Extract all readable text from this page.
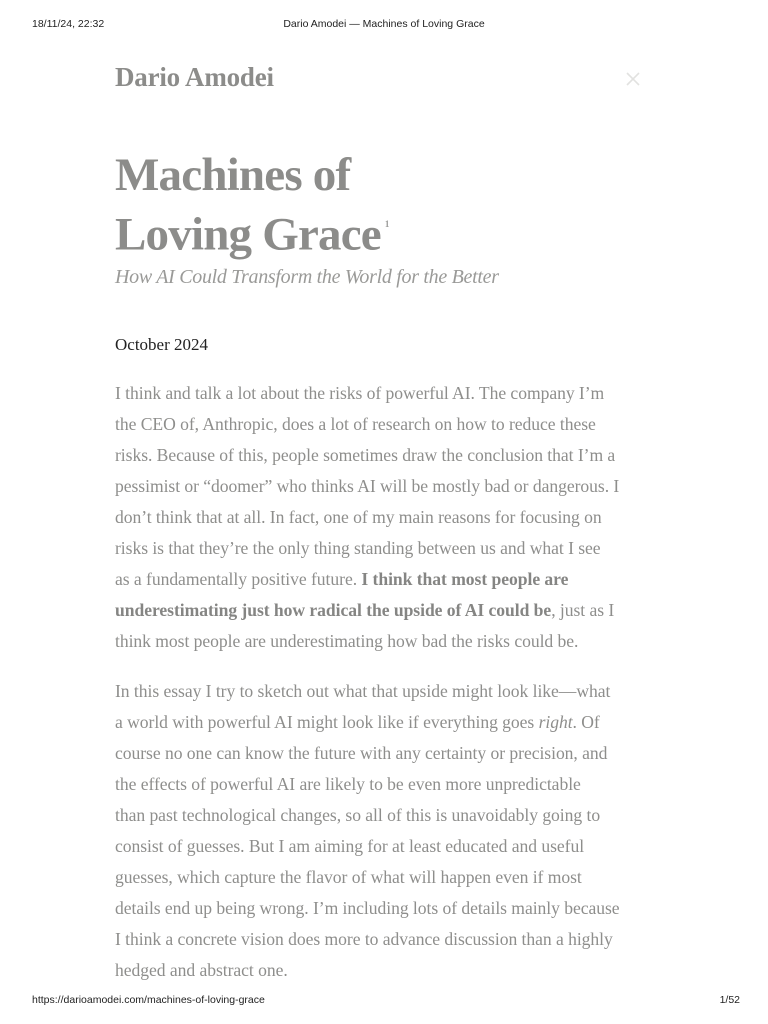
18/11/24, 22:32	Dario Amodei — Machines of Loving Grace
Dario Amodei
Machines of
Loving Grace $^1$
How AI Could Transform the World for the Better
October 2024

I think and talk a lot about the risks of powerful AI. The company I’m
the CEO of, Anthropic, does a lot of research on how to reduce these
risks. Because of this, people sometimes draw the conclusion that I’m a
pessimist or “doomer” who thinks AI will be mostly bad or dangerous. I
don’t think that at all. In fact, one of my main reasons for focusing on
risks is that they’re the only thing standing between us and what I see
as a fundamentally positive future. I think that most people are
underestimating just how radical the upside of AI could be, just as I
think most people are underestimating how bad the risks could be.

In this essay I try to sketch out what that upside might look like—what
a world with powerful AI might look like if everything goes right. Of
course no one can know the future with any certainty or precision, and
the effects of powerful AI are likely to be even more unpredictable
than past technological changes, so all of this is unavoidably going to
consist of guesses. But I am aiming for at least educated and useful
guesses, which capture the flavor of what will happen even if most
details end up being wrong. I’m including lots of details mainly because
I think a concrete vision does more to advance discussion than a highly
hedged and abstract one.

https://darioamodei.com/machines-of-loving-grace	1/52
